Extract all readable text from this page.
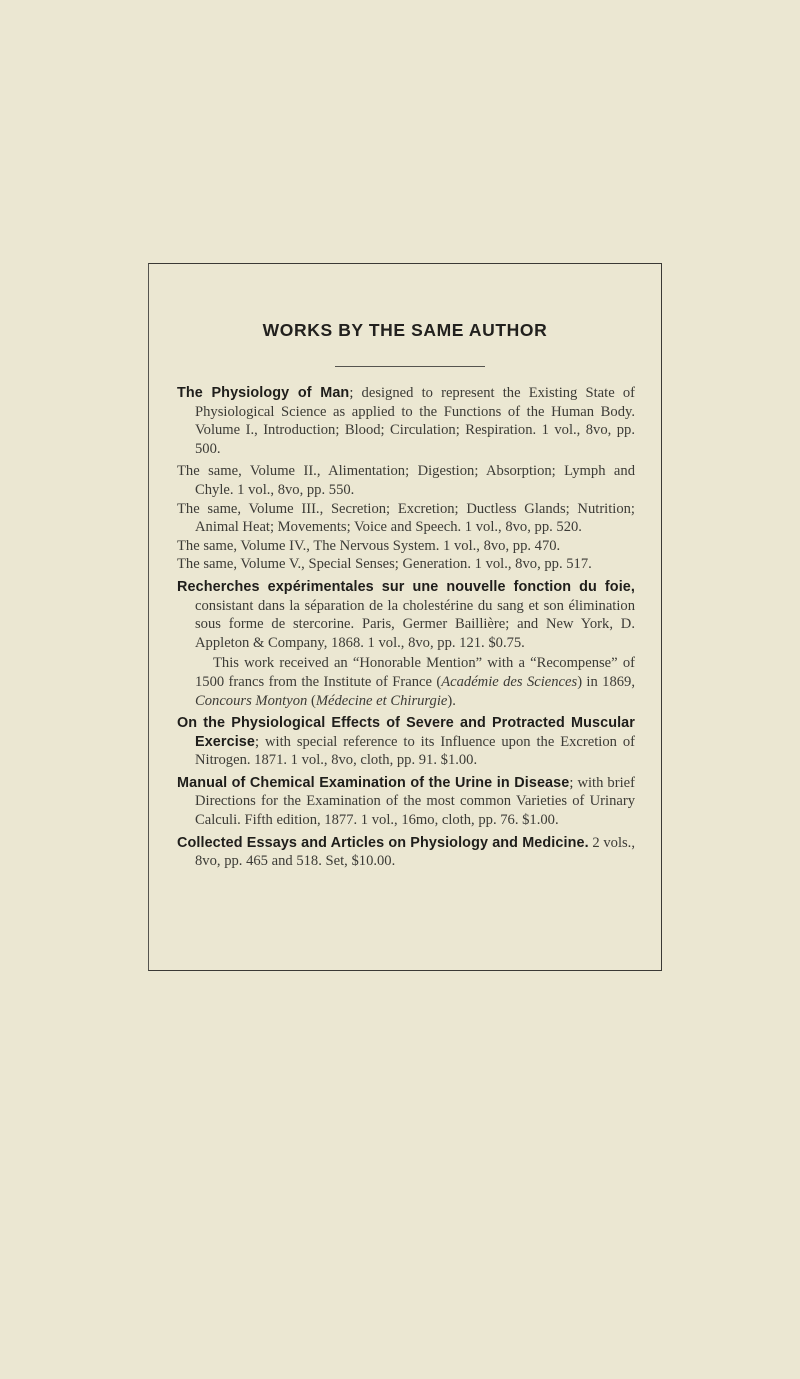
WORKS BY THE SAME AUTHOR
The Physiology of Man; designed to represent the Existing State of Physiological Science as applied to the Functions of the Human Body. Volume I., Introduction; Blood; Circulation; Respiration. 1 vol., 8vo, pp. 500.
The same, Volume II., Alimentation; Digestion; Absorption; Lymph and Chyle. 1 vol., 8vo, pp. 550.
The same, Volume III., Secretion; Excretion; Ductless Glands; Nutrition; Animal Heat; Movements; Voice and Speech. 1 vol., 8vo, pp. 520.
The same, Volume IV., The Nervous System. 1 vol., 8vo, pp. 470.
The same, Volume V., Special Senses; Generation. 1 vol., 8vo, pp. 517.
Recherches expérimentales sur une nouvelle fonction du foie, consistant dans la séparation de la cholestérine du sang et son élimination sous forme de stercorine. Paris, Germer Baillière; and New York, D. Appleton & Company, 1868. 1 vol., 8vo, pp. 121. $0.75.
This work received an “Honorable Mention” with a “Recompense” of 1500 francs from the Institute of France (Académie des Sciences) in 1869, Concours Montyon (Médecine et Chirurgie).
On the Physiological Effects of Severe and Protracted Muscular Exercise; with special reference to its Influence upon the Excretion of Nitrogen. 1871. 1 vol., 8vo, cloth, pp. 91. $1.00.
Manual of Chemical Examination of the Urine in Disease; with brief Directions for the Examination of the most common Varieties of Urinary Calculi. Fifth edition, 1877. 1 vol., 16mo, cloth, pp. 76. $1.00.
Collected Essays and Articles on Physiology and Medicine. 2 vols., 8vo, pp. 465 and 518. Set, $10.00.
